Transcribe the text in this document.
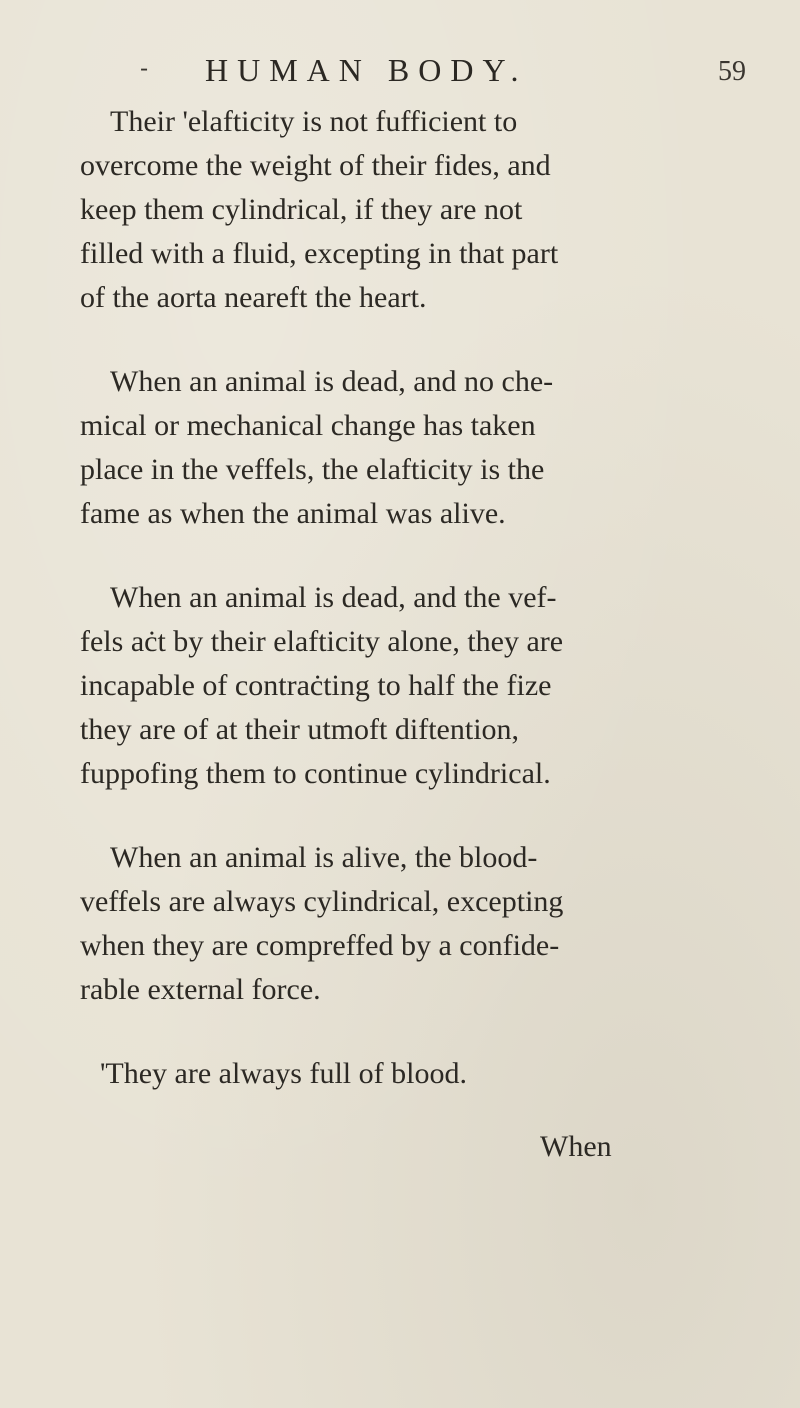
- HUMAN BODY.	59

Their 'elafticity is not fufficient to
overcome the weight of their fides, and
keep them cylindrical, if they are not
filled with a fluid, excepting in that part
of the aorta neareft the heart.

When an animal is dead, and no che-
mical or mechanical change has taken
place in the veffels, the elafticity is the
fame as when the animal was alive.

When an animal is dead, and the vef-
fels aċt by their elafticity alone, they are
incapable of contraċting to half the fize
they are of at their utmoft diftention,
fuppofing them to continue cylindrical.

When an animal is alive, the blood-
veffels are always cylindrical, excepting
when they are compreffed by a confide-
rable external force.

'They are always full of blood.

When
